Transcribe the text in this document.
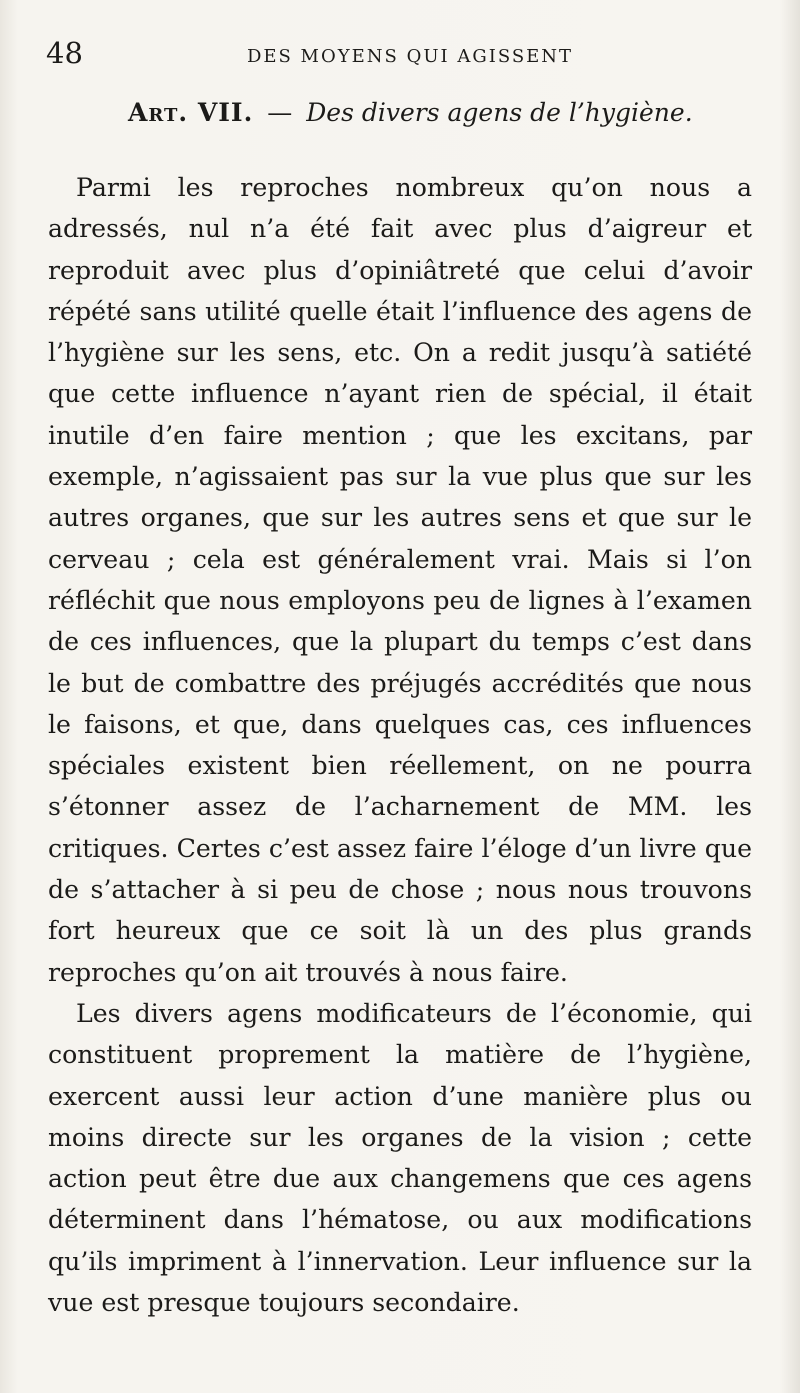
48	DES MOYENS QUI AGISSENT
Art. VII. — Des divers agens de l’hygiène.

Parmi les reproches nombreux qu’on nous a adressés, nul n’a été fait avec plus d’aigreur et reproduit avec plus d’opiniâtreté que celui d’avoir répété sans utilité quelle était l’influence des agens de l’hygiène sur les sens, etc. On a redit jusqu’à satiété que cette influence n’ayant rien de spécial, il était inutile d’en faire mention ; que les excitans, par exemple, n’agissaient pas sur la vue plus que sur les autres organes, que sur les autres sens et que sur le cerveau ; cela est généralement vrai. Mais si l’on réfléchit que nous employons peu de lignes à l’examen de ces influences, que la plupart du temps c’est dans le but de combattre des préjugés accrédités que nous le faisons, et que, dans quelques cas, ces influences spéciales existent bien réellement, on ne pourra s’étonner assez de l’acharnement de MM. les critiques. Certes c’est assez faire l’éloge d’un livre que de s’attacher à si peu de chose ; nous nous trouvons fort heureux que ce soit là un des plus grands reproches qu’on ait trouvés à nous faire.

Les divers agens modificateurs de l’économie, qui constituent proprement la matière de l’hygiène, exercent aussi leur action d’une manière plus ou moins directe sur les organes de la vision ; cette action peut être due aux changemens que ces agens déterminent dans l’hématose, ou aux modifications qu’ils impriment à l’innervation. Leur influence sur la vue est presque toujours secondaire.
